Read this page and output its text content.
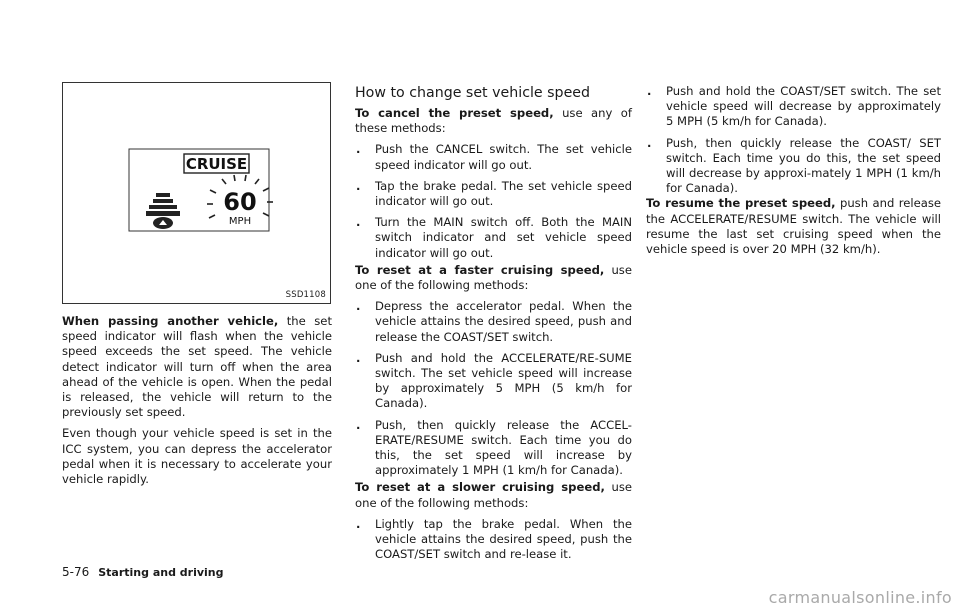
CRUISE
60
MPH
SSD1108

When passing another vehicle, the set speed indicator will flash when the vehicle speed exceeds the set speed. The vehicle detect indicator will turn off when the area ahead of the vehicle is open. When the pedal is released, the vehicle will return to the previously set speed.

Even though your vehicle speed is set in the ICC system, you can depress the accelerator pedal when it is necessary to accelerate your vehicle rapidly.

How to change set vehicle speed

To cancel the preset speed, use any of these methods:

. Push the CANCEL switch. The set vehicle speed indicator will go out.
. Tap the brake pedal. The set vehicle speed indicator will go out.
. Turn the MAIN switch off. Both the MAIN switch indicator and set vehicle speed indicator will go out.

To reset at a faster cruising speed, use one of the following methods:

. Depress the accelerator pedal. When the vehicle attains the desired speed, push and release the COAST/SET switch.
. Push and hold the ACCELERATE/RE-SUME switch. The set vehicle speed will increase by approximately 5 MPH (5 km/h for Canada).
. Push, then quickly release the ACCEL-ERATE/RESUME switch. Each time you do this, the set speed will increase by approximately 1 MPH (1 km/h for Canada).

To reset at a slower cruising speed, use one of the following methods:

. Lightly tap the brake pedal. When the vehicle attains the desired speed, push the COAST/SET switch and re-lease it.
. Push and hold the COAST/SET switch. The set vehicle speed will decrease by approximately 5 MPH (5 km/h for Canada).
. Push, then quickly release the COAST/ SET switch. Each time you do this, the set speed will decrease by approxi-mately 1 MPH (1 km/h for Canada).

To resume the preset speed, push and release the ACCELERATE/RESUME switch. The vehicle will resume the last set cruising speed when the vehicle speed is over 20 MPH (32 km/h).

5-76 Starting and driving
carmanualsonline.info
